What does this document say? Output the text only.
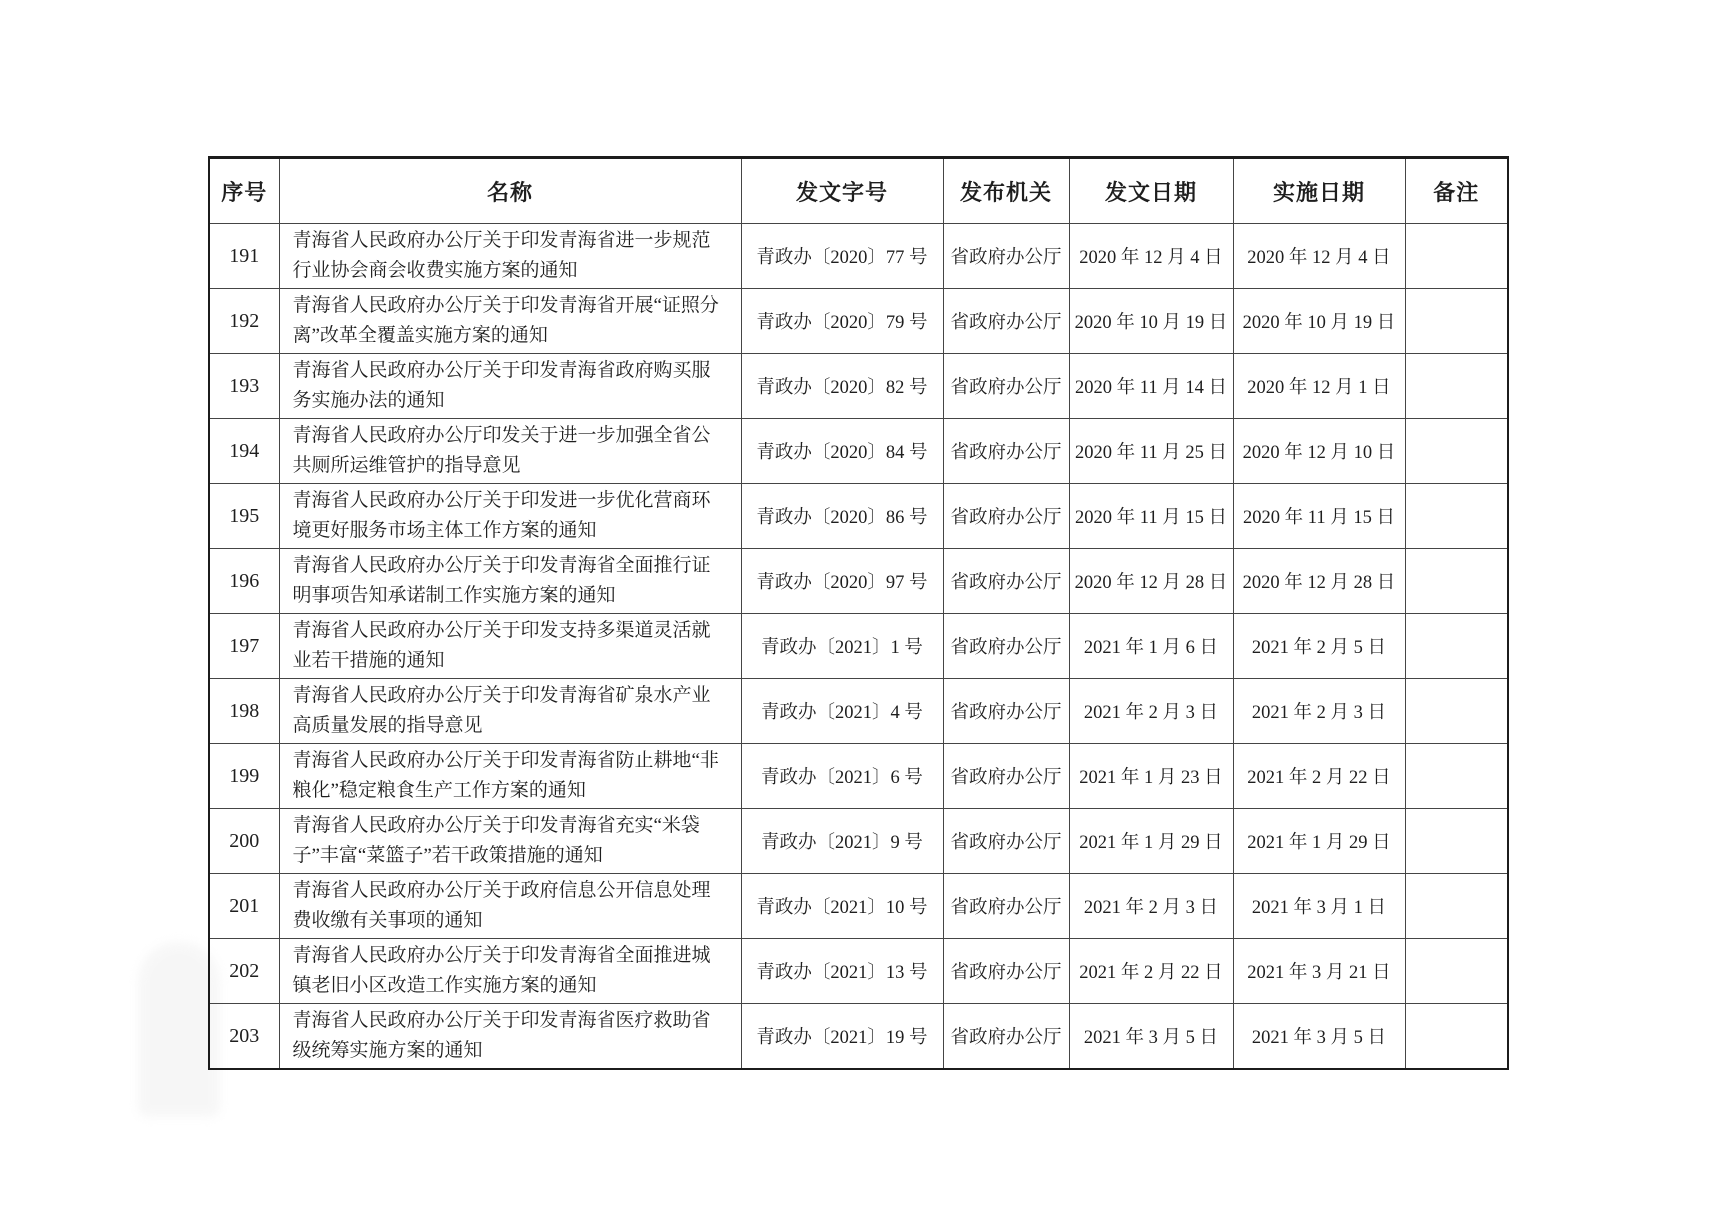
序号	名称	发文字号	发布机关	发文日期	实施日期	备注
191	青海省人民政府办公厅关于印发青海省进一步规范行业协会商会收费实施方案的通知	青政办〔2020〕77 号	省政府办公厅	2020 年 12 月 4 日	2020 年 12 月 4 日	
192	青海省人民政府办公厅关于印发青海省开展“证照分离”改革全覆盖实施方案的通知	青政办〔2020〕79 号	省政府办公厅	2020 年 10 月 19 日	2020 年 10 月 19 日	
193	青海省人民政府办公厅关于印发青海省政府购买服务实施办法的通知	青政办〔2020〕82 号	省政府办公厅	2020 年 11 月 14 日	2020 年 12 月 1 日	
194	青海省人民政府办公厅印发关于进一步加强全省公共厕所运维管护的指导意见	青政办〔2020〕84 号	省政府办公厅	2020 年 11 月 25 日	2020 年 12 月 10 日	
195	青海省人民政府办公厅关于印发进一步优化营商环境更好服务市场主体工作方案的通知	青政办〔2020〕86 号	省政府办公厅	2020 年 11 月 15 日	2020 年 11 月 15 日	
196	青海省人民政府办公厅关于印发青海省全面推行证明事项告知承诺制工作实施方案的通知	青政办〔2020〕97 号	省政府办公厅	2020 年 12 月 28 日	2020 年 12 月 28 日	
197	青海省人民政府办公厅关于印发支持多渠道灵活就业若干措施的通知	青政办〔2021〕1 号	省政府办公厅	2021 年 1 月 6 日	2021 年 2 月 5 日	
198	青海省人民政府办公厅关于印发青海省矿泉水产业高质量发展的指导意见	青政办〔2021〕4 号	省政府办公厅	2021 年 2 月 3 日	2021 年 2 月 3 日	
199	青海省人民政府办公厅关于印发青海省防止耕地“非粮化”稳定粮食生产工作方案的通知	青政办〔2021〕6 号	省政府办公厅	2021 年 1 月 23 日	2021 年 2 月 22 日	
200	青海省人民政府办公厅关于印发青海省充实“米袋子”丰富“菜篮子”若干政策措施的通知	青政办〔2021〕9 号	省政府办公厅	2021 年 1 月 29 日	2021 年 1 月 29 日	
201	青海省人民政府办公厅关于政府信息公开信息处理费收缴有关事项的通知	青政办〔2021〕10 号	省政府办公厅	2021 年 2 月 3 日	2021 年 3 月 1 日	
202	青海省人民政府办公厅关于印发青海省全面推进城镇老旧小区改造工作实施方案的通知	青政办〔2021〕13 号	省政府办公厅	2021 年 2 月 22 日	2021 年 3 月 21 日	
203	青海省人民政府办公厅关于印发青海省医疗救助省级统筹实施方案的通知	青政办〔2021〕19 号	省政府办公厅	2021 年 3 月 5 日	2021 年 3 月 5 日	
